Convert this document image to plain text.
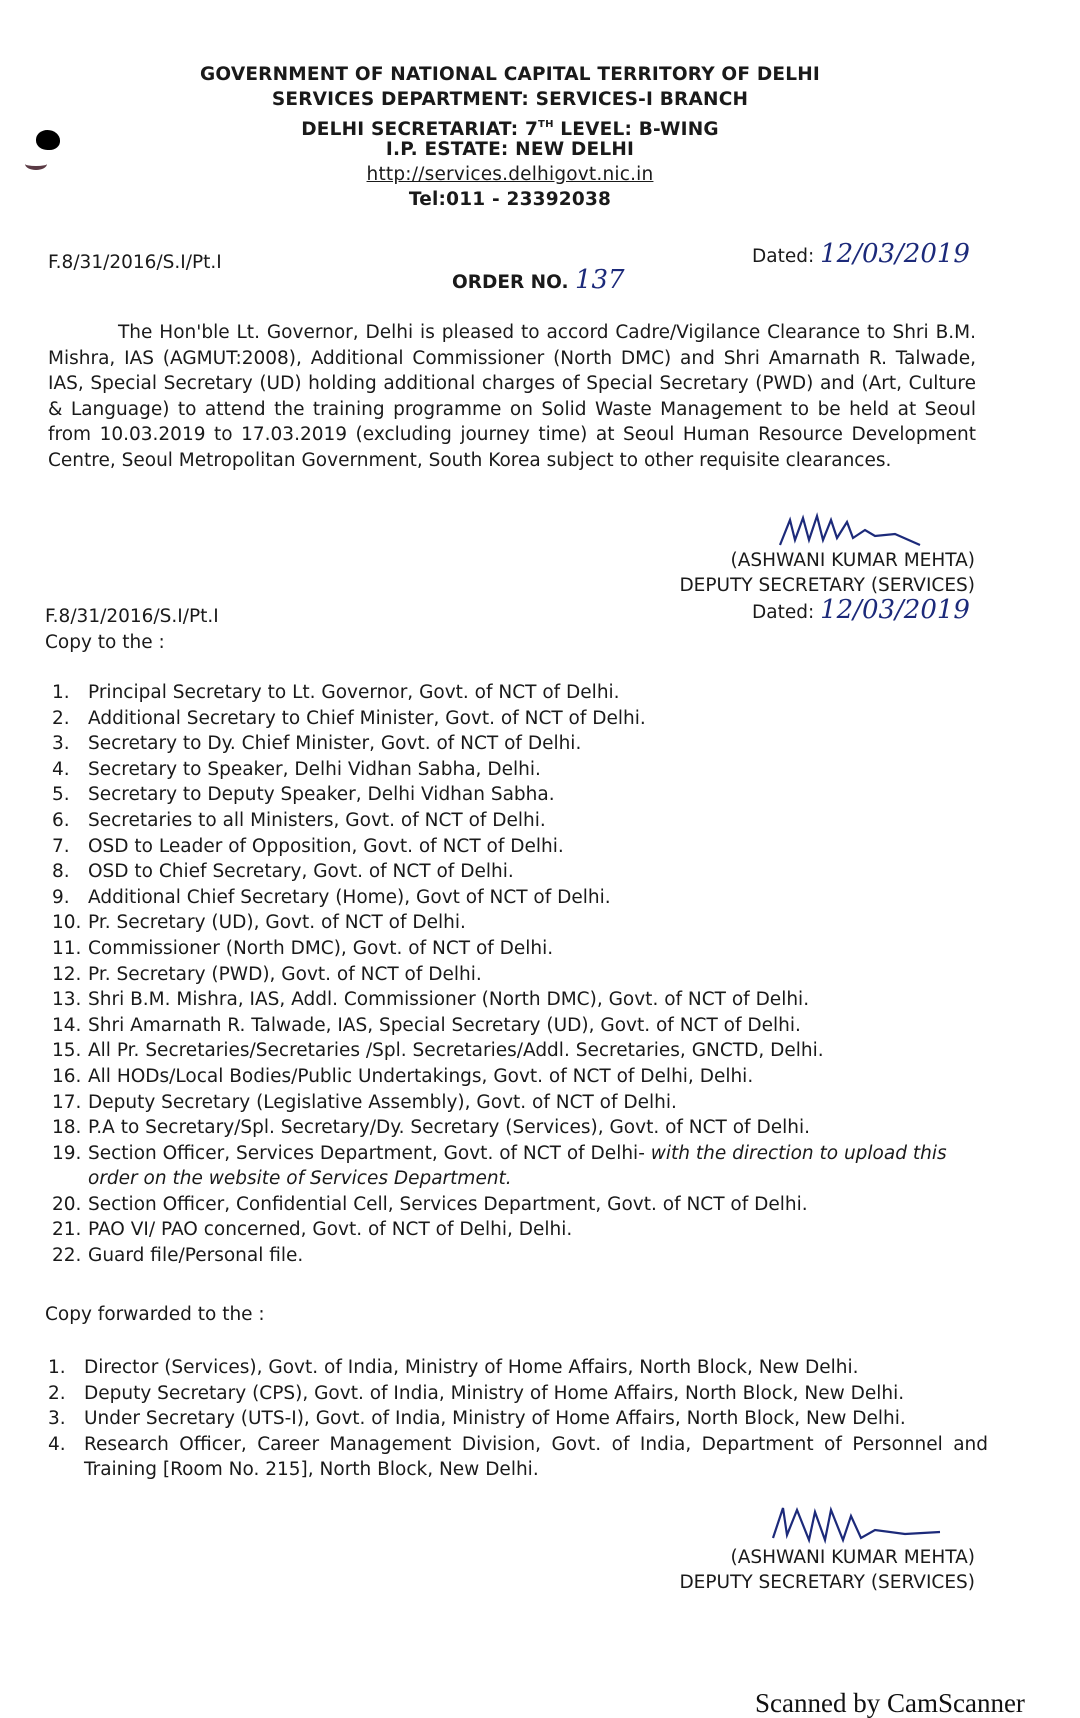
GOVERNMENT OF NATIONAL CAPITAL TERRITORY OF DELHI
SERVICES DEPARTMENT: SERVICES-I BRANCH
DELHI SECRETARIAT: 7TH LEVEL: B-WING
I.P. ESTATE: NEW DELHI
http://services.delhigovt.nic.in
Tel:011 - 23392038
F.8/31/2016/S.I/Pt.I	Dated: 12/03/2019
ORDER NO. 137
The Hon'ble Lt. Governor, Delhi is pleased to accord Cadre/Vigilance Clearance to Shri B.M. Mishra, IAS (AGMUT:2008), Additional Commissioner (North DMC) and Shri Amarnath R. Talwade, IAS, Special Secretary (UD) holding additional charges of Special Secretary (PWD) and (Art, Culture & Language) to attend the training programme on Solid Waste Management to be held at Seoul from 10.03.2019 to 17.03.2019 (excluding journey time) at Seoul Human Resource Development Centre, Seoul Metropolitan Government, South Korea subject to other requisite clearances.
(ASHWANI KUMAR MEHTA)
DEPUTY SECRETARY (SERVICES)
F.8/31/2016/S.I/Pt.I	Dated: 12/03/2019
Copy to the :
1. Principal Secretary to Lt. Governor, Govt. of NCT of Delhi.
2. Additional Secretary to Chief Minister, Govt. of NCT of Delhi.
3. Secretary to Dy. Chief Minister, Govt. of NCT of Delhi.
4. Secretary to Speaker, Delhi Vidhan Sabha, Delhi.
5. Secretary to Deputy Speaker, Delhi Vidhan Sabha.
6. Secretaries to all Ministers, Govt. of NCT of Delhi.
7. OSD to Leader of Opposition, Govt. of NCT of Delhi.
8. OSD to Chief Secretary, Govt. of NCT of Delhi.
9. Additional Chief Secretary (Home), Govt of NCT of Delhi.
10. Pr. Secretary (UD), Govt. of NCT of Delhi.
11. Commissioner (North DMC), Govt. of NCT of Delhi.
12. Pr. Secretary (PWD), Govt. of NCT of Delhi.
13. Shri B.M. Mishra, IAS, Addl. Commissioner (North DMC), Govt. of NCT of Delhi.
14. Shri Amarnath R. Talwade, IAS, Special Secretary (UD), Govt. of NCT of Delhi.
15. All Pr. Secretaries/Secretaries /Spl. Secretaries/Addl. Secretaries, GNCTD, Delhi.
16. All HODs/Local Bodies/Public Undertakings, Govt. of NCT of Delhi, Delhi.
17. Deputy Secretary (Legislative Assembly), Govt. of NCT of Delhi.
18. P.A to Secretary/Spl. Secretary/Dy. Secretary (Services), Govt. of NCT of Delhi.
19. Section Officer, Services Department, Govt. of NCT of Delhi- with the direction to upload this order on the website of Services Department.
20. Section Officer, Confidential Cell, Services Department, Govt. of NCT of Delhi.
21. PAO VI/ PAO concerned, Govt. of NCT of Delhi, Delhi.
22. Guard file/Personal file.
Copy forwarded to the :
1. Director (Services), Govt. of India, Ministry of Home Affairs, North Block, New Delhi.
2. Deputy Secretary (CPS), Govt. of India, Ministry of Home Affairs, North Block, New Delhi.
3. Under Secretary (UTS-I), Govt. of India, Ministry of Home Affairs, North Block, New Delhi.
4. Research Officer, Career Management Division, Govt. of India, Department of Personnel and Training [Room No. 215], North Block, New Delhi.
(ASHWANI KUMAR MEHTA)
DEPUTY SECRETARY (SERVICES)
Scanned by CamScanner
